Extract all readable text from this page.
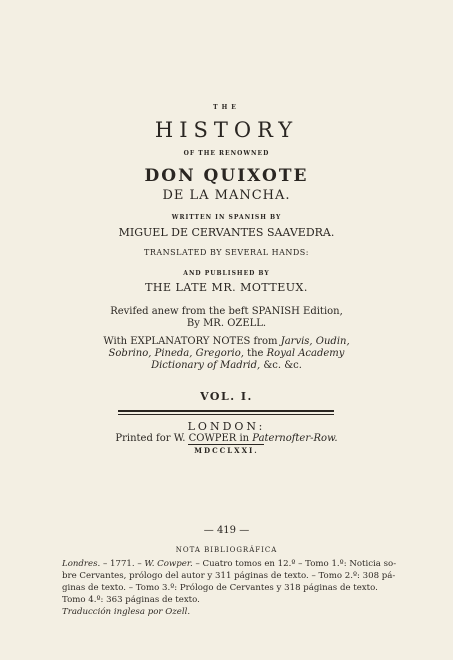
THE
HISTORY
OF THE RENOWNED
DON QUIXOTE
DE LA MANCHA.
WRITTEN IN SPANISH BY
MIGUEL DE CERVANTES SAAVEDRA.
TRANSLATED BY SEVERAL HANDS:
AND PUBLISHED BY
THE LATE MR. MOTTEUX.
Revifed anew from the beft SPANISH Edition,
By MR. OZELL.
With EXPLANATORY NOTES from Jarvis, Oudin,
Sobrino, Pineda, Gregorio, the Royal Academy
Dictionary of Madrid, &c. &c.
VOL. I.
LONDON:
Printed for W. COWPER in Paternofter-Row.
MDCCLXXI.
— 419 —
NOTA BIBLIOGRÁFICA
Londres. – 1771. – W. Cowper. – Cuatro tomos en 12.º – Tomo 1.º: Noticia so-
bre Cervantes, prólogo del autor y 311 páginas de texto. – Tomo 2.º: 308 pá-
ginas de texto. – Tomo 3.º: Prólogo de Cervantes y 318 páginas de texto.
Tomo 4.º: 363 páginas de texto.
Traducción inglesa por Ozell.
